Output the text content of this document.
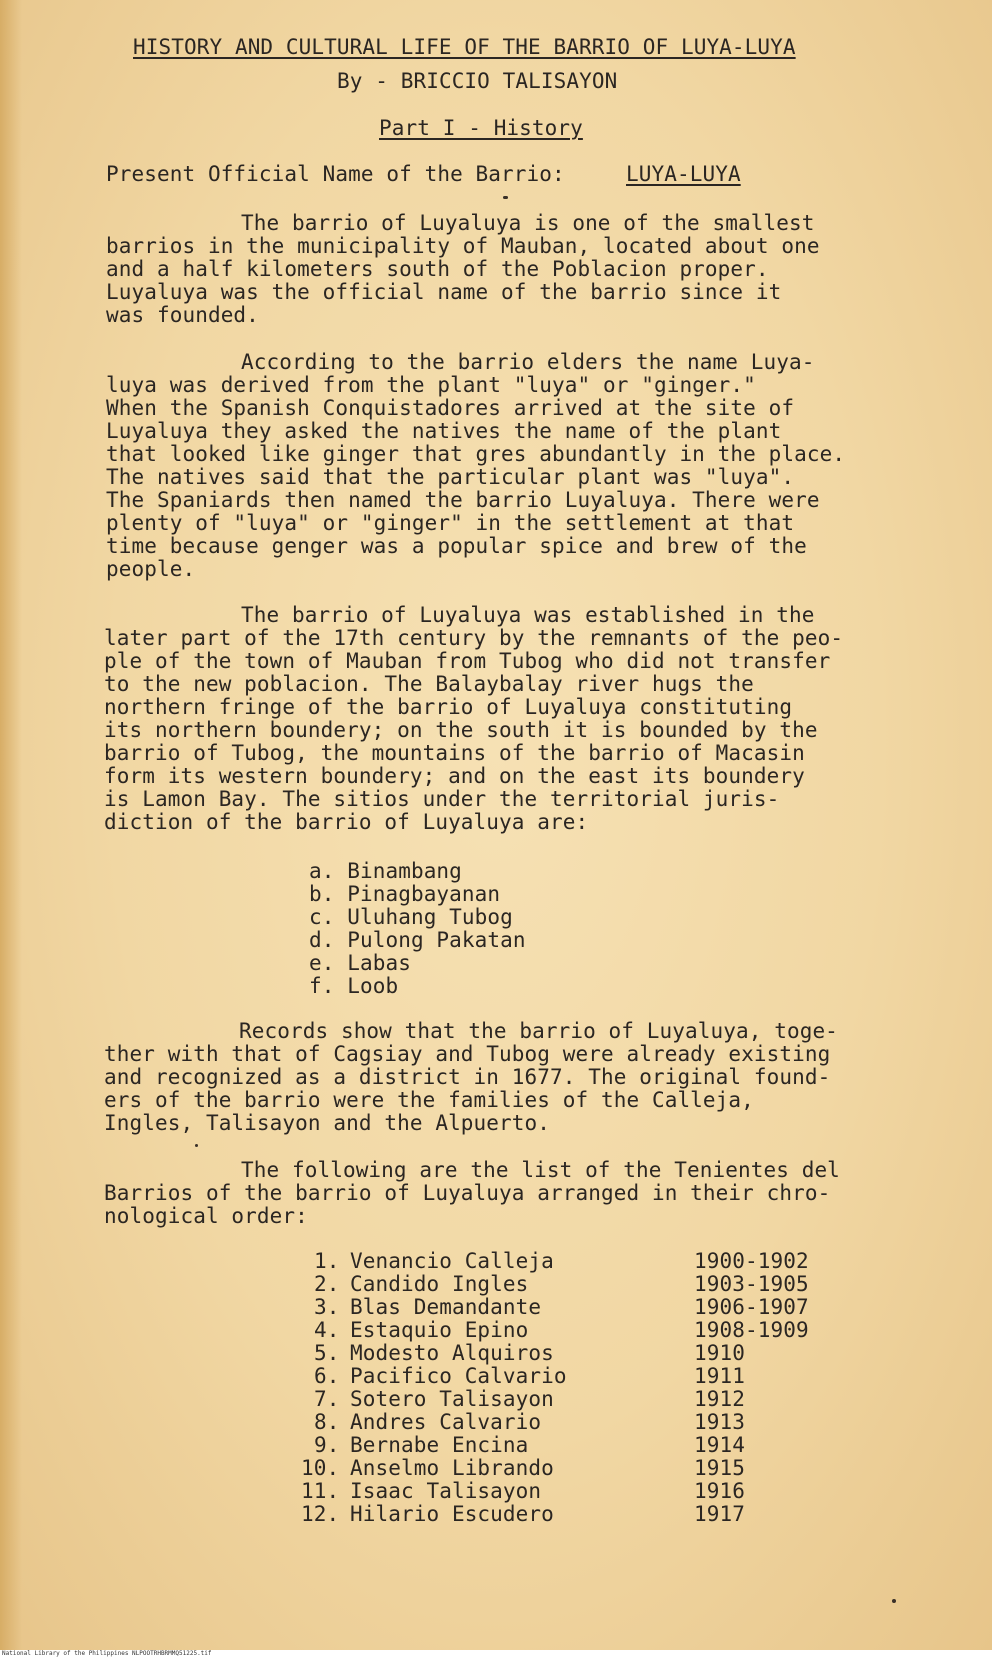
HISTORY AND CULTURAL LIFE OF THE BARRIO OF LUYA-LUYA
By - BRICCIO TALISAYON
Part I - History
Present Official Name of the Barrio:	LUYA-LUYA
The barrio of Luyaluya is one of the smallest
barrios in the municipality of Mauban, located about one
and a half kilometers south of the Poblacion proper.
Luyaluya was the official name of the barrio since it
was founded.
According to the barrio elders the name Luya-
luya was derived from the plant "luya" or "ginger."
When the Spanish Conquistadores arrived at the site of
Luyaluya they asked the natives the name of the plant
that looked like ginger that gres abundantly in the place.
The natives said that the particular plant was "luya".
The Spaniards then named the barrio Luyaluya. There were
plenty of "luya" or "ginger" in the settlement at that
time because genger was a popular spice and brew of the
people.
The barrio of Luyaluya was established in the
later part of the 17th century by the remnants of the peo-
ple of the town of Mauban from Tubog who did not transfer
to the new poblacion. The Balaybalay river hugs the
northern fringe of the barrio of Luyaluya constituting
its northern boundery; on the south it is bounded by the
barrio of Tubog, the mountains of the barrio of Macasin
form its western boundery; and on the east its boundery
is Lamon Bay. The sitios under the territorial juris-
diction of the barrio of Luyaluya are:
a. Binambang
b. Pinagbayanan
c. Uluhang Tubog
d. Pulong Pakatan
e. Labas
f. Loob
Records show that the barrio of Luyaluya, toge-
ther with that of Cagsiay and Tubog were already existing
and recognized as a district in 1677. The original found-
ers of the barrio were the families of the Calleja,
Ingles, Talisayon and the Alpuerto.
The following are the list of the Tenientes del
Barrios of the barrio of Luyaluya arranged in their chro-
nological order:
1. Venancio Calleja	1900-1902
2. Candido Ingles	1903-1905
3. Blas Demandante	1906-1907
4. Estaquio Epino	1908-1909
5. Modesto Alquiros	1910
6. Pacifico Calvario	1911
7. Sotero Talisayon	1912
8. Andres Calvario	1913
9. Bernabe Encina	1914
10. Anselmo Librando	1915
11. Isaac Talisayon	1916
12. Hilario Escudero	1917
National Library of the Philippines NLPOOTRHBRMMQ51225.tif
